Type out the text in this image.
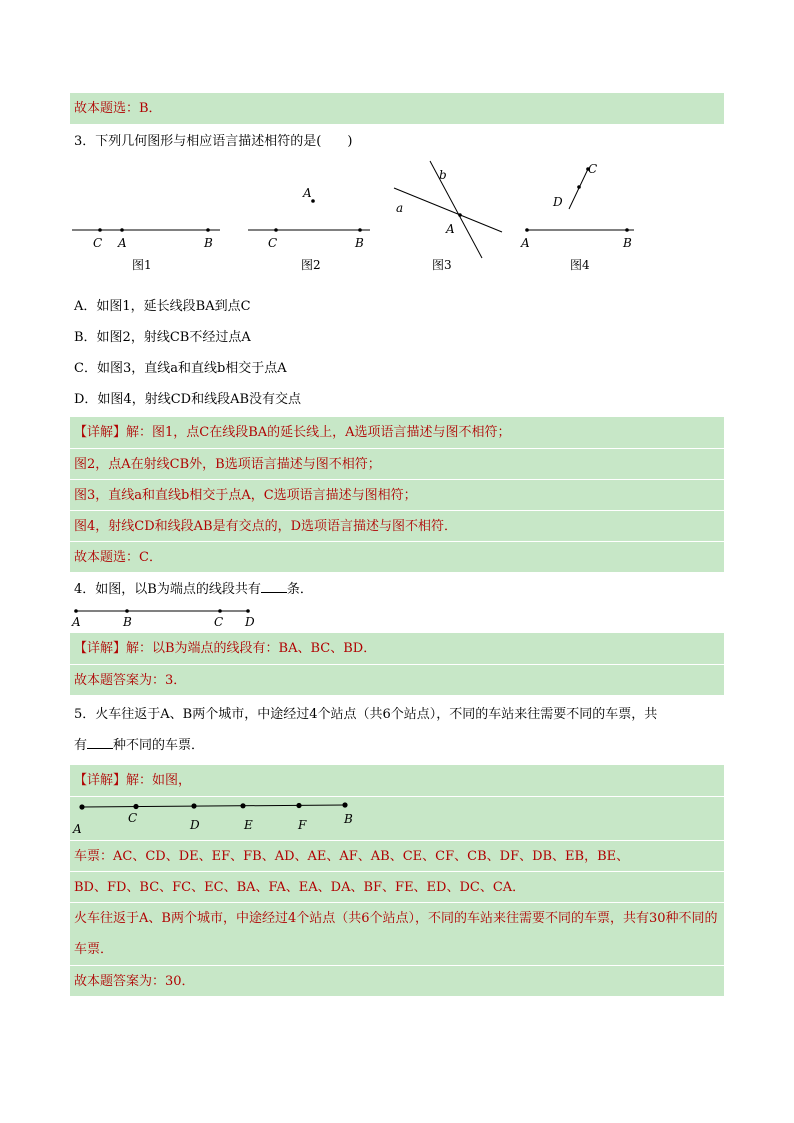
故本题选：B．
3．下列几何图形与相应语言描述相符的是(　　)
C A	B
图1
A
C	B
图2
b
a
A
图3
C
D
A	B
图4
A．如图1，延长线段BA到点C
B．如图2，射线CB不经过点A
C．如图3，直线a和直线b相交于点A
D．如图4，射线CD和线段AB没有交点
【详解】解：图1，点C在线段BA的延长线上，A选项语言描述与图不相符；
图2，点A在射线CB外，B选项语言描述与图不相符；
图3，直线a和直线b相交于点A，C选项语言描述与图相符；
图4，射线CD和线段AB是有交点的，D选项语言描述与图不相符．
故本题选：C．
4．如图，以B为端点的线段共有 条．
A	B	C D
【详解】解：以B为端点的线段有：BA、BC、BD．
故本题答案为：3．
5．火车往返于A、B两个城市，中途经过4个站点（共6个站点），不同的车站来往需要不同的车票，共
有 种不同的车票．
【详解】解：如图，
A
C	D	E	F	B
车票：AC、CD、DE、EF、FB、AD、AE、AF、AB、CE、CF、CB、DF、DB、EB，BE、
BD、FD、BC、FC、EC、BA、FA、EA、DA、BF、FE、ED、DC、CA．
火车往返于A、B两个城市，中途经过4个站点（共6个站点），不同的车站来往需要不同的车票，共有30种不同的车票．
故本题答案为：30．
